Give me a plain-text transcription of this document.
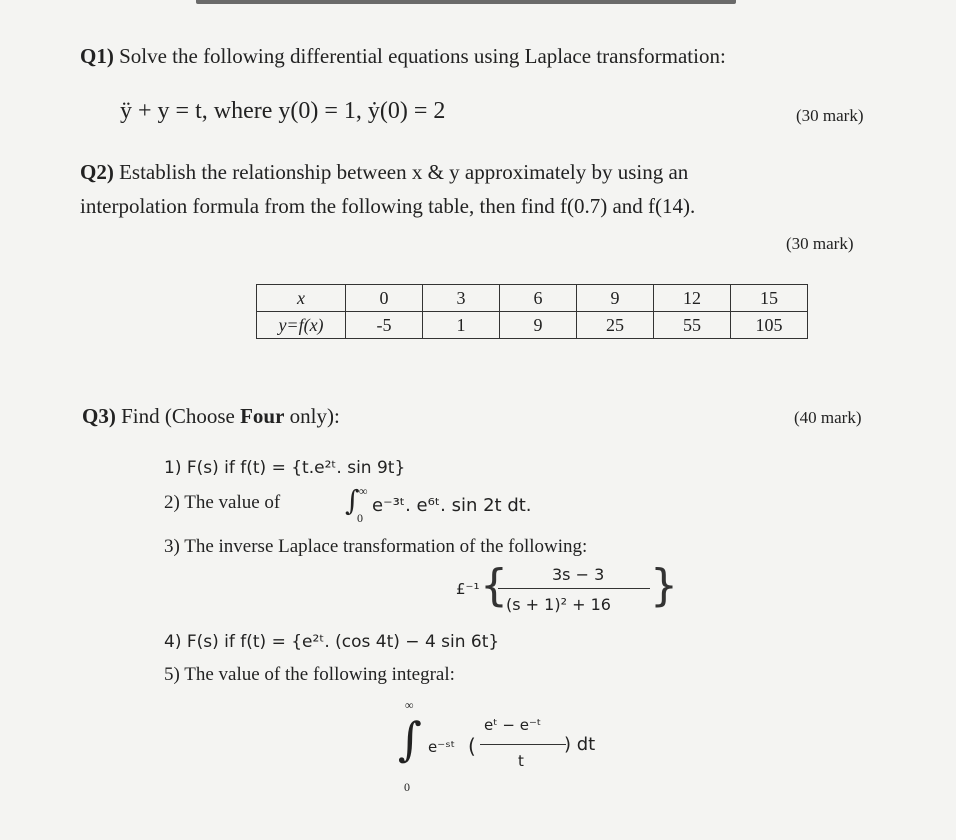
Q1) Solve the following differential equations using Laplace transformation:
ÿ + y = t, where y(0) = 1, ẏ(0) = 2	(30 mark)
Q2) Establish the relationship between x & y approximately by using an
interpolation formula from the following table, then find f(0.7) and f(14).
(30 mark)
x	0	3	6	9	12	15
y=f(x)	-5	1	9	25	55	105
Q3) Find (Choose Four only):	(40 mark)
1) F(s) if f(t) = {t.e²ᵗ. sin 9t}
2) The value of ∫ ∞
0
e⁻³ᵗ. e⁶ᵗ. sin 2t dt.
3) The inverse Laplace transformation of the following:
£⁻¹ {	3s − 3
(s + 1)² + 16 }
4) F(s) if f(t) = {e²ᵗ. (cos 4t) − 4 sin 6t}
5) The value of the following integral:
∞
∫
0
e⁻ˢᵗ (
eᵗ − e⁻ᵗ
t
) dt
